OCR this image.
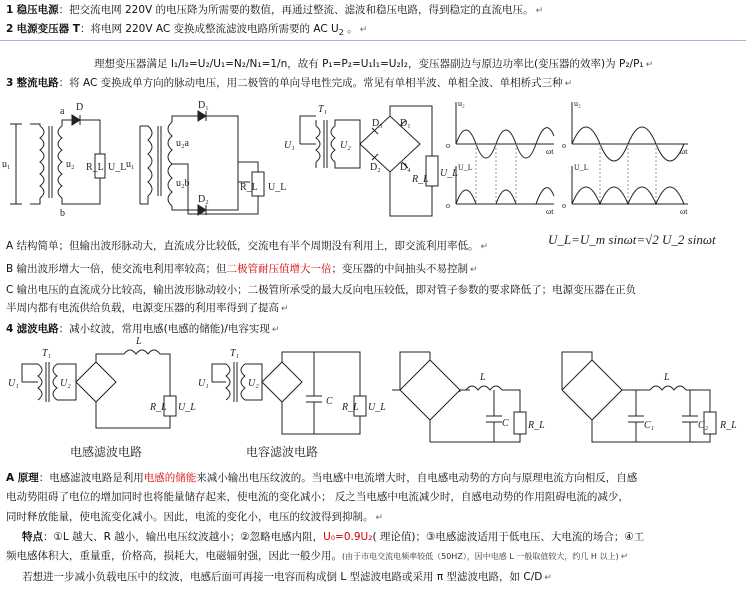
1 稳压电源：把交流电网 220V 的电压降为所需要的数值，再通过整流、滤波和稳压电路，得到稳定的直流电压。 ↵
2 电源变压器 T：将电网 220V AC 变换成整流滤波电路所需要的 AC $U_2$ 。 ↵
理想变压器满足 I₁/I₂=U₂/U₁=N₂/N₁=1/n，故有 P₁=P₂=U₁I₁=U₂I₂，变压器副边与原边功率比(变压器的效率)为 P₂/P₁ ↵
3 整流电路：将 AC 变换成单方向的脉动电压，用二极管的单向导电性完成。常见有单相半波、单相全波、单相桥式三种 ↵
u₁	u₂
a
b
D
R_L U_L u₁
u₂a
u₂b
D₁
D₂
R_L U_L
U₁
T₁
U₂
D₃ D₁
D₂ D₄
R_L
U_L
u₂
ωt
o
U_L
ωt
o
u₂
ωt
o
U_L
ωt
o
U_L=U_m sinωt=√2 U_2 sinωt
A 结构简单；但输出波形脉动大，直流成分比较低，交流电有半个周期没有利用上，即交流利用率低。 ↵
B 输出波形增大一倍，使交流电利用率较高；但二极管耐压值增大一倍；变压器的中间抽头不易控制 ↵
C 输出电压的直流成分比较高，输出波形脉动较小；二极管所承受的最大反向电压较低，即对管子参数的要求降低了；电源变压器在正负
半周内都有电流供给负载，电源变压器的利用率得到了提高 ↵
4 滤波电路：减小纹波，常用电感(电感的储能)/电容实现 ↵
U₁
T₁
U₂
L
R_L U_L
U₁
T₁
U₂
C
R_L U_L
L
C R_L
L
C₁	C₂ R_L
电感滤波电路	电容滤波电路
A 原理：电感滤波电路是利用电感的储能来减小输出电压纹波的。当电感中电流增大时，自电感电动势的方向与原理电流方向相反，自感
电动势阻碍了电位的增加同时也将能量储存起来，使电流的变化减小； 反之当电感中电流减少时，自感电动势的作用阻碍电流的减少，
同时释放能量，使电流变化减小。因此，电流的变化小，电压的纹波得到抑制。 ↵
特点：①L 越大、R 越小，输出电压纹波越小；②忽略电感内阻，U₀=0.9U₂( 理论值)；③电感滤波适用于低电压、大电流的场合；④工
频电感体积大，重量重，价格高，损耗大，电磁辐射强，因此一般少用。(由于市电交流电频率较低（50HZ），因中电感 L 一般取值较大，约几 H 以上) ↵
若想进一步减小负载电压中的纹波，电感后面可再接一电容而构成倒 L 型滤波电路或采用 π 型滤波电路，如 C/D ↵
